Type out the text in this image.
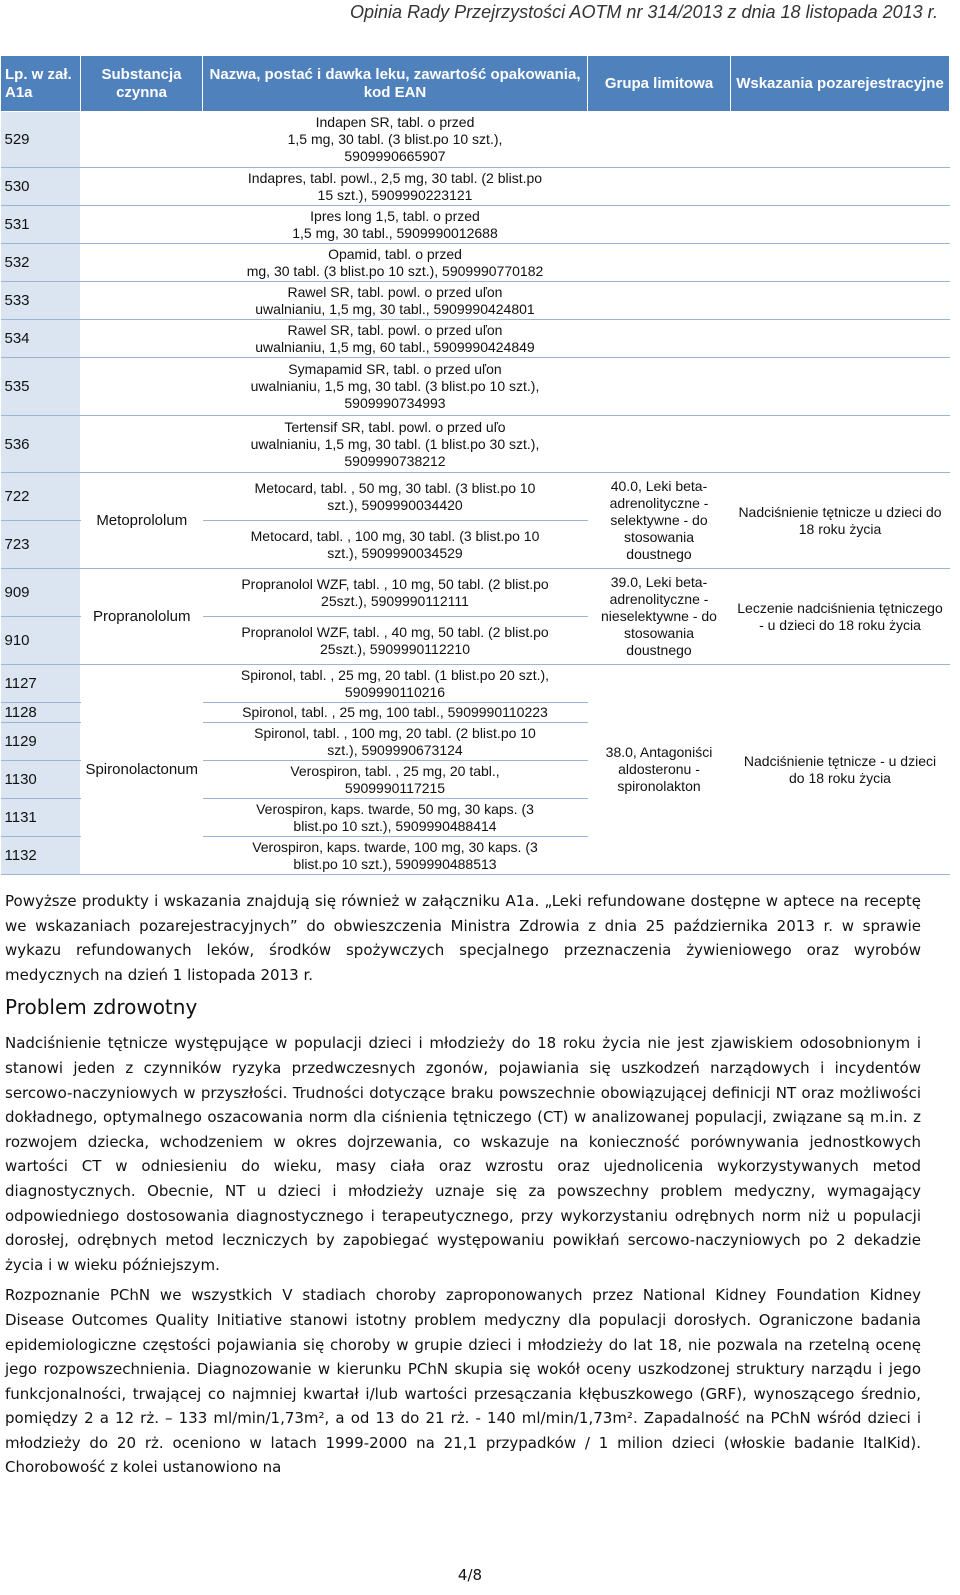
Opinia Rady Przejrzystości AOTM nr 314/2013 z dnia 18 listopada 2013 r.
Lp. w zał. A1a	Substancja czynna	Nazwa, postać i dawka leku, zawartość opakowania, kod EAN	Grupa limitowa	Wskazania pozarejestracyjne
529		Indapen SR, tabl. o przed
1,5 mg, 30 tabl. (3 blist.po 10 szt.),
5909990665907		
530		Indapres, tabl. powl., 2,5 mg, 30 tabl. (2 blist.po
15 szt.), 5909990223121		
531		Ipres long 1,5, tabl. o przed
1,5 mg, 30 tabl., 5909990012688		
532		Opamid, tabl. o przed
mg, 30 tabl. (3 blist.po 10 szt.), 5909990770182		
533		Rawel SR, tabl. powl. o przed uľon
uwalnianiu, 1,5 mg, 30 tabl., 5909990424801		
534		Rawel SR, tabl. powl. o przed uľon
uwalnianiu, 1,5 mg, 60 tabl., 5909990424849		
535		Symapamid SR, tabl. o przed uľon
uwalnianiu, 1,5 mg, 30 tabl. (3 blist.po 10 szt.),
5909990734993		
536		Tertensif SR, tabl. powl. o przed uľo
uwalnianiu, 1,5 mg, 30 tabl. (1 blist.po 30 szt.),
5909990738212		
722	Metoprololum	Metocard, tabl. , 50 mg, 30 tabl. (3 blist.po 10
szt.), 5909990034420	40.0, Leki beta-adrenolityczne - selektywne - do stosowania doustnego	Nadciśnienie tętnicze u dzieci do 18 roku życia
723		Metocard, tabl. , 100 mg, 30 tabl. (3 blist.po 10
szt.), 5909990034529		
909	Propranololum	Propranolol WZF, tabl. , 10 mg, 50 tabl. (2 blist.po
25szt.), 5909990112111	39.0, Leki beta-adrenolityczne - nieselektywne - do stosowania doustnego	Leczenie nadciśnienia tętniczego - u dzieci do 18 roku życia
910		Propranolol WZF, tabl. , 40 mg, 50 tabl. (2 blist.po
25szt.), 5909990112210		
1127	Spironolactonum	Spironol, tabl. , 25 mg, 20 tabl. (1 blist.po 20 szt.),
5909990110216	38.0, Antagoniści aldosteronu - spironolakton	Nadciśnienie tętnicze - u dzieci do 18 roku życia
1128		Spironol, tabl. , 25 mg, 100 tabl., 5909990110223		
1129		Spironol, tabl. , 100 mg, 20 tabl. (2 blist.po 10
szt.), 5909990673124		
1130		Verospiron, tabl. , 25 mg, 20 tabl.,
5909990117215		
1131		Verospiron, kaps. twarde, 50 mg, 30 kaps. (3
blist.po 10 szt.), 5909990488414		
1132		Verospiron, kaps. twarde, 100 mg, 30 kaps. (3
blist.po 10 szt.), 5909990488513		

Powyższe produkty i wskazania znajdują się również w załączniku A1a. „Leki refundowane dostępne w aptece na receptę we wskazaniach pozarejestracyjnych” do obwieszczenia Ministra Zdrowia z dnia 25 października 2013 r. w sprawie wykazu refundowanych leków, środków spożywczych specjalnego przeznaczenia żywieniowego oraz wyrobów medycznych na dzień 1 listopada 2013 r.

Problem zdrowotny

Nadciśnienie tętnicze występujące w populacji dzieci i młodzieży do 18 roku życia nie jest zjawiskiem odosobnionym i stanowi jeden z czynników ryzyka przedwczesnych zgonów, pojawiania się uszkodzeń narządowych i incydentów sercowo-naczyniowych w przyszłości. Trudności dotyczące braku powszechnie obowiązującej definicji NT oraz możliwości dokładnego, optymalnego oszacowania norm dla ciśnienia tętniczego (CT) w analizowanej populacji, związane są m.in. z rozwojem dziecka, wchodzeniem w okres dojrzewania, co wskazuje na konieczność porównywania jednostkowych wartości CT w odniesieniu do wieku, masy ciała oraz wzrostu oraz ujednolicenia wykorzystywanych metod diagnostycznych. Obecnie, NT u dzieci i młodzieży uznaje się za powszechny problem medyczny, wymagający odpowiedniego dostosowania diagnostycznego i terapeutycznego, przy wykorzystaniu odrębnych norm niż u populacji dorosłej, odrębnych metod leczniczych by zapobiegać występowaniu powikłań sercowo-naczyniowych po 2 dekadzie życia i w wieku późniejszym.

Rozpoznanie PChN we wszystkich V stadiach choroby zaproponowanych przez National Kidney Foundation Kidney Disease Outcomes Quality Initiative stanowi istotny problem medyczny dla populacji dorosłych. Ograniczone badania epidemiologiczne częstości pojawiania się choroby w grupie dzieci i młodzieży do lat 18, nie pozwala na rzetelną ocenę jego rozpowszechnienia. Diagnozowanie w kierunku PChN skupia się wokół oceny uszkodzonej struktury narządu i jego funkcjonalności, trwającej co najmniej kwartał i/lub wartości przesączania kłębuszkowego (GRF), wynoszącego średnio, pomiędzy 2 a 12 rż. – 133 ml/min/1,73m², a od 13 do 21 rż. - 140 ml/min/1,73m². Zapadalność na PChN wśród dzieci i młodzieży do 20 rż. oceniono w latach 1999-2000 na 21,1 przypadków / 1 milion dzieci (włoskie badanie ItalKid). Chorobowość z kolei ustanowiono na

4/8
